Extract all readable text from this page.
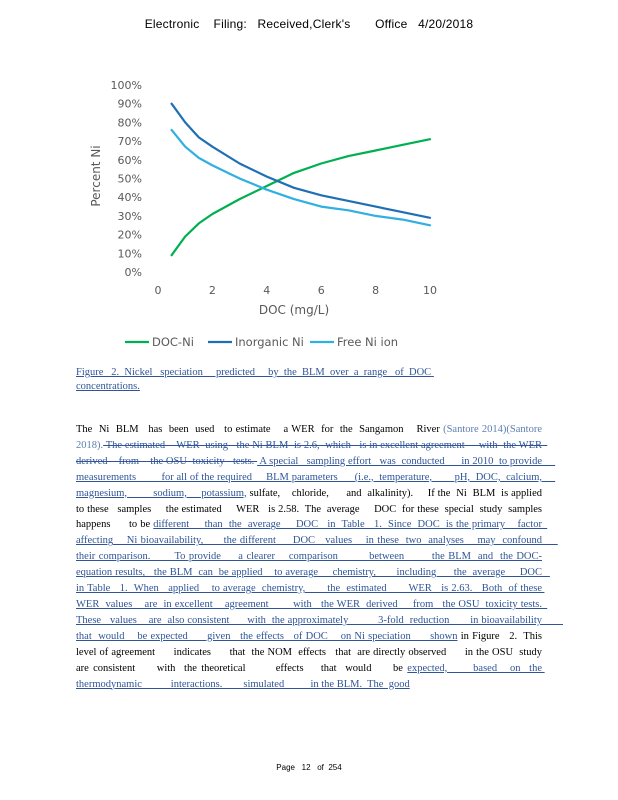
Electronic    Filing:   Received,Clerk's       Office   4/20/2018
0%
10%
20%
30%
40%
50%
60%
70%
80%
90%
100%
0	2	4	6	8	10
Percent Ni
DOC (mg/L)
DOC-Ni	Inorganic Ni	Free Ni ion
Figure   2.  Nickel   speciation     predicted     by  the  BLM  over  a  range   of  DOC concentrations.
The  Ni  BLM   has  been  used   to estimate    a WER  for  the  Sangamon    River (Santore 2014)(Santore    2018). The estimated    WER  using   the Ni BLM  is 2.6,  which   is in excellent agreement     with  the WER  derived    from    the OSU  toxicity   tests.  A special   sampling effort   was  conducted      in 2010  to provide     measurements         for all of the required     BLM parameters      (i.e.,  temperature,        pH,  DOC,  calcium,     magnesium,         sodium,     potassium, sulfate,    chloride,      and  alkalinity).     If the  Ni  BLM  is applied    to these   samples     the estimated     WER   is 2.58.  The  average     DOC  for these  special  study  samples    happens      to be different     than  the  average     DOC   in  Table   1.  Since  DOC  is the primary    factor  affecting    Ni bioavailability,      the different     DOC   values    in these  two  analyses    may  confound      their comparison.       To provide     a clearer    comparison         between        the BLM  and  the DOC-equation results,   the BLM  can  be applied    to average     chemistry,       including      the  average     DOC   in Table   1.  When   applied    to average  chemistry,       the  estimated       WER   is 2.63.   Both  of these WER  values    are  in excellent    agreement        with   the WER  derived     from   the OSU  toxicity tests.  These   values    are  also consistent      with  the approximately          3-fold  reduction       in bioavailability        that  would    be expected      given   the effects   of DOC    on Ni speciation      shown in Figure   2.  This  level of agreement      indicates      that  the NOM  effects   that  are directly observed      in the OSU  study   are consistent     with  the theoretical       effects    that  would     be expected,      based   on  the thermodynamic           interactions.        simulated          in the BLM.  The  good
Page 12 of 254
